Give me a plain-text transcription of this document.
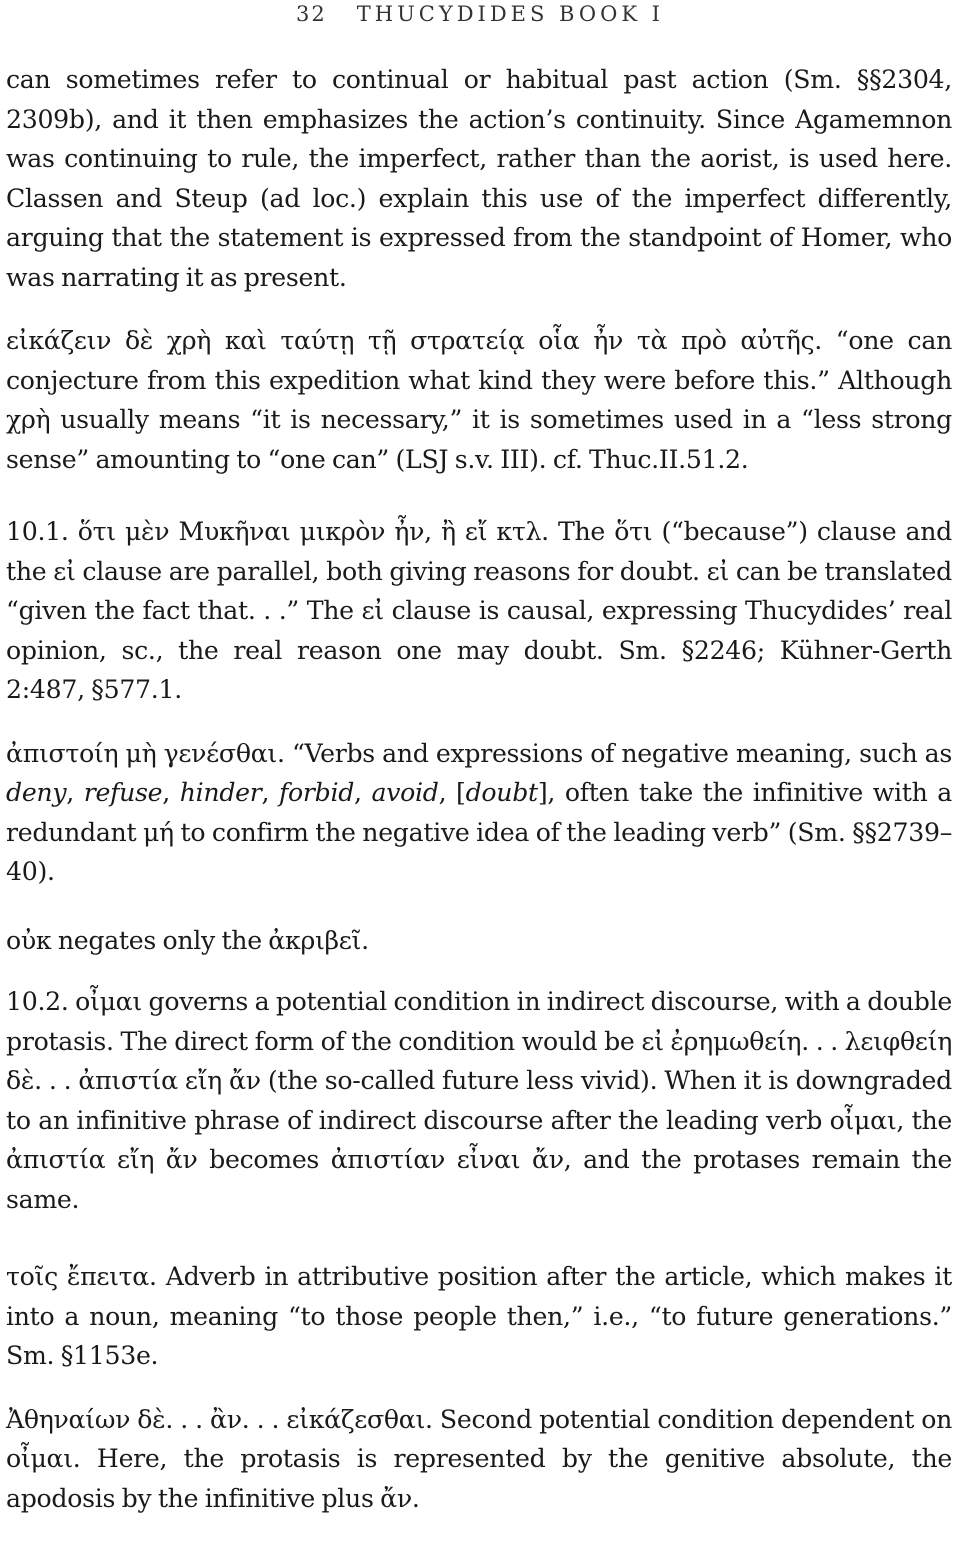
32 THUCYDIDES BOOK I

can sometimes refer to continual or habitual past action (Sm. §§2304, 2309b), and it then emphasizes the action’s continuity. Since Agamemnon was continuing to rule, the imperfect, rather than the aorist, is used here. Classen and Steup (ad loc.) explain this use of the imperfect differently, arguing that the statement is expressed from the standpoint of Homer, who was narrating it as present.

εἰκάζειν δὲ χρὴ καὶ ταύτῃ τῇ στρατείᾳ οἷα ἦν τὰ πρὸ αὐτῆς. “one can conjecture from this expedition what kind they were before this.” Although χρὴ usually means “it is necessary,” it is sometimes used in a “less strong sense” amounting to “one can” (LSJ s.v. III). cf. Thuc.II.51.2.

10.1. ὅτι μὲν Μυκῆναι μικρὸν ἦν, ἢ εἴ κτλ. The ὅτι (“because”) clause and the εἰ clause are parallel, both giving reasons for doubt. εἰ can be translated “given the fact that. . .” The εἰ clause is causal, expressing Thucydides’ real opinion, sc., the real reason one may doubt. Sm. §2246; Kühner-Gerth 2:487, §577.1.

ἀπιστοίη μὴ γενέσθαι. “Verbs and expressions of negative meaning, such as deny, refuse, hinder, forbid, avoid, [doubt], often take the infinitive with a redundant μή to confirm the negative idea of the leading verb” (Sm. §§2739–40).

οὐκ negates only the ἀκριβεῖ.

10.2. οἶμαι governs a potential condition in indirect discourse, with a double protasis. The direct form of the condition would be εἰ ἐρημωθείη. . . λειφθείη δὲ. . . ἀπιστία εἴη ἄν (the so-called future less vivid). When it is downgraded to an infinitive phrase of indirect discourse after the leading verb οἶμαι, the ἀπιστία εἴη ἄν becomes ἀπιστίαν εἶναι ἄν, and the protases remain the same.

τοῖς ἔπειτα. Adverb in attributive position after the article, which makes it into a noun, meaning “to those people then,” i.e., “to future generations.” Sm. §1153e.

Ἀθηναίων δὲ. . . ἂν. . . εἰκάζεσθαι. Second potential condition dependent on οἶμαι. Here, the protasis is represented by the genitive absolute, the apodosis by the infinitive plus ἄν.
